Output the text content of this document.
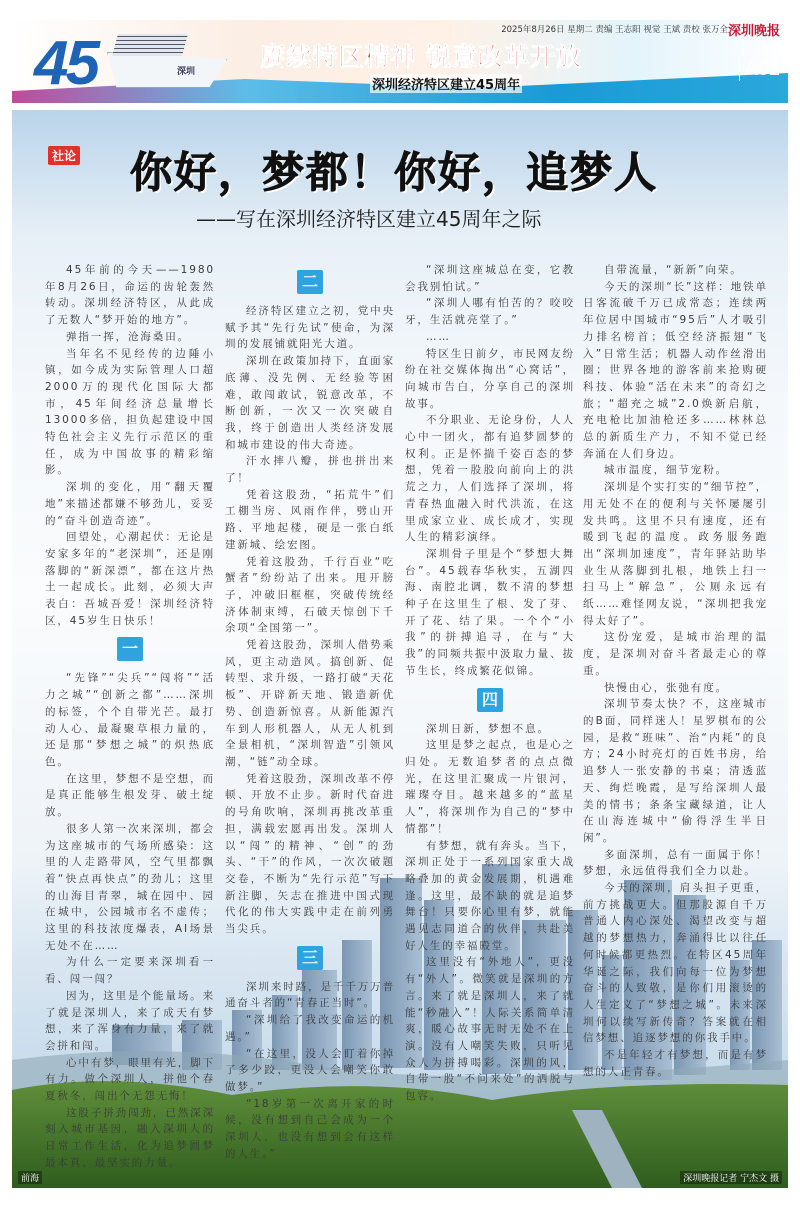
45	深圳
2025年8月26日 星期二 责编 王志阳 视觉 王斌 责校 张万全 深圳晚报
赓续特区精神 锐意改革开放
深圳经济特区建立45周年
A02
社论 你好，梦都！你好，追梦人
——写在深圳经济特区建立45周年之际
前海	深圳晚报记者 宁杰文 摄

45年前的今天——1980年8月26日，命运的齿轮轰然转动。深圳经济特区，从此成了无数人“梦开始的地方”。

弹指一挥，沧海桑田。

当年名不见经传的边陲小镇，如今成为实际管理人口超2000万的现代化国际大都市，45年间经济总量增长13000多倍，担负起建设中国特色社会主义先行示范区的重任，成为中国故事的精彩缩影。

深圳的变化，用“翻天覆地”来描述都嫌不够劲儿，妥妥的“奋斗创造奇迹”。

回望处，心潮起伏：无论是安家多年的“老深圳”，还是刚落脚的“新深漂”，都在这片热土一起成长。此刻，必须大声表白：吾城吾爱！深圳经济特区，45岁生日快乐！

一

“先锋”“尖兵”“闯将”“活力之城”“创新之都”……深圳的标签，个个自带光芒。最打动人心、最凝聚草根力量的，还是那“梦想之城”的炽热底色。

在这里，梦想不是空想，而是真正能够生根发芽、破土绽放。

很多人第一次来深圳，都会为这座城市的气场所感染：这里的人走路带风，空气里都飘着“快点再快点”的劲儿；这里的山海目青翠，城在园中、园在城中，公园城市名不虚传；这里的科技浓度爆表，AI场景无处不在……

为什么一定要来深圳看一看、闯一闯？

因为，这里是个能量场。来了就是深圳人，来了成天有梦想，来了浑身有力量，来了就会拼和闯。

心中有梦，眼里有光，脚下有力。做个深圳人，拼他个春夏秋冬，闯出个无怨无悔！

这股子拼劲闯劲，已然深深刻入城市基因，融入深圳人的日常工作生活，化为追梦圆梦最本真、最坚实的力量。

二

经济特区建立之初，党中央赋予其“先行先试”使命，为深圳的发展铺就阳光大道。

深圳在政策加持下，直面家底薄、没先例、无经验等困难，敢闯敢试，锐意改革，不断创新，一次又一次突破自我，终于创造出人类经济发展和城市建设的伟大奇迹。

汗水摔八瓣，拼也拼出来了！

凭着这股劲，“拓荒牛”们工棚当房、风雨作伴，劈山开路、平地起楼，硬是一张白纸建新城、绘宏图。

凭着这股劲，千行百业“吃蟹者”纷纷站了出来。甩开膀子，冲破旧框框，突破传统经济体制束缚，石破天惊创下千余项“全国第一”。

凭着这股劲，深圳人借势乘风，更主动造风。搞创新、促转型、求升级，一路打破“天花板”、开辟新天地、锻造新优势、创造新惊喜。从新能源汽车到人形机器人，从无人机到全景相机，“深圳智造”引领风潮，“链”动全球。

凭着这股劲，深圳改革不停顿、开放不止步。新时代奋进的号角吹响，深圳再挑改革重担，满载宏愿再出发。深圳人以“闯”的精神、“创”的劲头、“干”的作风，一次次破题交卷，不断为“先行示范”写下新注脚，矢志在推进中国式现代化的伟大实践中走在前列勇当尖兵。

三

深圳来时路，是千千万万普通奋斗者的“青春正当时”。

“深圳给了我改变命运的机遇。”

“在这里，没人会盯着你掉了多少跤，更没人会嘲笑你敢做梦。”

“18岁第一次离开家的时候，没有想到自己会成为一个深圳人，也没有想到会有这样的人生。”

“深圳这座城总在变，它教会我别怕试。”

“深圳人哪有怕苦的？咬咬牙，生活就亮堂了。”

……

特区生日前夕，市民网友纷纷在社交媒体掏出“心窝话”，向城市告白，分享自己的深圳故事。

不分职业、无论身份，人人心中一团火，都有追梦圆梦的权利。正是怀揣千姿百态的梦想，凭着一股股向前向上的洪荒之力，人们选择了深圳，将青春热血融入时代洪流，在这里成家立业、成长成才，实现人生的精彩演绎。

深圳骨子里是个“梦想大舞台”。45载春华秋实，五湖四海、南腔北调，数不清的梦想种子在这里生了根、发了芽、开了花、结了果。一个个“小我”的拼搏追寻，在与“大我”的同频共振中汲取力量、拔节生长，终成繁花似锦。

四

深圳日新，梦想不息。

这里是梦之起点，也是心之归处。无数追梦者的点点微光，在这里汇聚成一片银河，璀璨夺目。越来越多的“蓝星人”，将深圳作为自己的“梦中情都”！

有梦想，就有奔头。当下，深圳正处于一系列国家重大战略叠加的黄金发展期，机遇难逢。这里，最不缺的就是追梦舞台！只要你心里有梦，就能遇见志同道合的伙伴，共赴美好人生的幸福殿堂。

这里没有“外地人”，更没有“外人”。微笑就是深圳的方言。来了就是深圳人，来了就能“秒融入”！人际关系简单清爽，暖心故事无时无处不在上演。没有人嘲笑失败，只听见众人为拼搏喝彩。深圳的风，自带一股“不问来处”的洒脱与包容。

自带流量，“新新”向荣。

今天的深圳“长”这样：地铁单日客流破千万已成常态；连续两年位居中国城市“95后”人才吸引力排名榜首；低空经济振翅“飞入”日常生活；机器人动作丝滑出圈；世界各地的游客前来抢购硬科技、体验“活在未来”的奇幻之旅；“超充之城”2.0焕新启航，充电枪比加油枪还多……林林总总的新质生产力，不知不觉已经奔涌在人们身边。

城市温度，细节宠粉。

深圳是个实打实的“细节控”，用无处不在的便利与关怀屡屡引发共鸣。这里不只有速度，还有暖到飞起的温度。政务服务跑出“深圳加速度”，青年驿站助毕业生从落脚到扎根，地铁上扫一扫马上“解急”，公厕永远有纸……难怪网友说，“深圳把我宠得太好了”。

这份宠爱，是城市治理的温度，是深圳对奋斗者最走心的尊重。

快慢由心，张弛有度。

深圳节奏太快？不，这座城市的B面，同样迷人！星罗棋布的公园，是救“班味”、治“内耗”的良方；24小时亮灯的百姓书房，给追梦人一张安静的书桌；清透蓝天、绚烂晚霞，是写给深圳人最美的情书；条条宝藏绿道，让人在山海连城中“偷得浮生半日闲”。

多面深圳，总有一面属于你！梦想，永远值得我们全力以赴。

今天的深圳，肩头担子更重，前方挑战更大。但那股源自千万普通人内心深处、渴望改变与超越的梦想热力，奔涌得比以往任何时候都更热烈。在特区45周年华诞之际，我们向每一位为梦想奋斗的人致敬，是你们用滚烫的人生定义了“梦想之城”。未来深圳何以续写新传奇？答案就在相信梦想、追逐梦想的你我手中。

不是年轻才有梦想，而是有梦想的人正青春。
